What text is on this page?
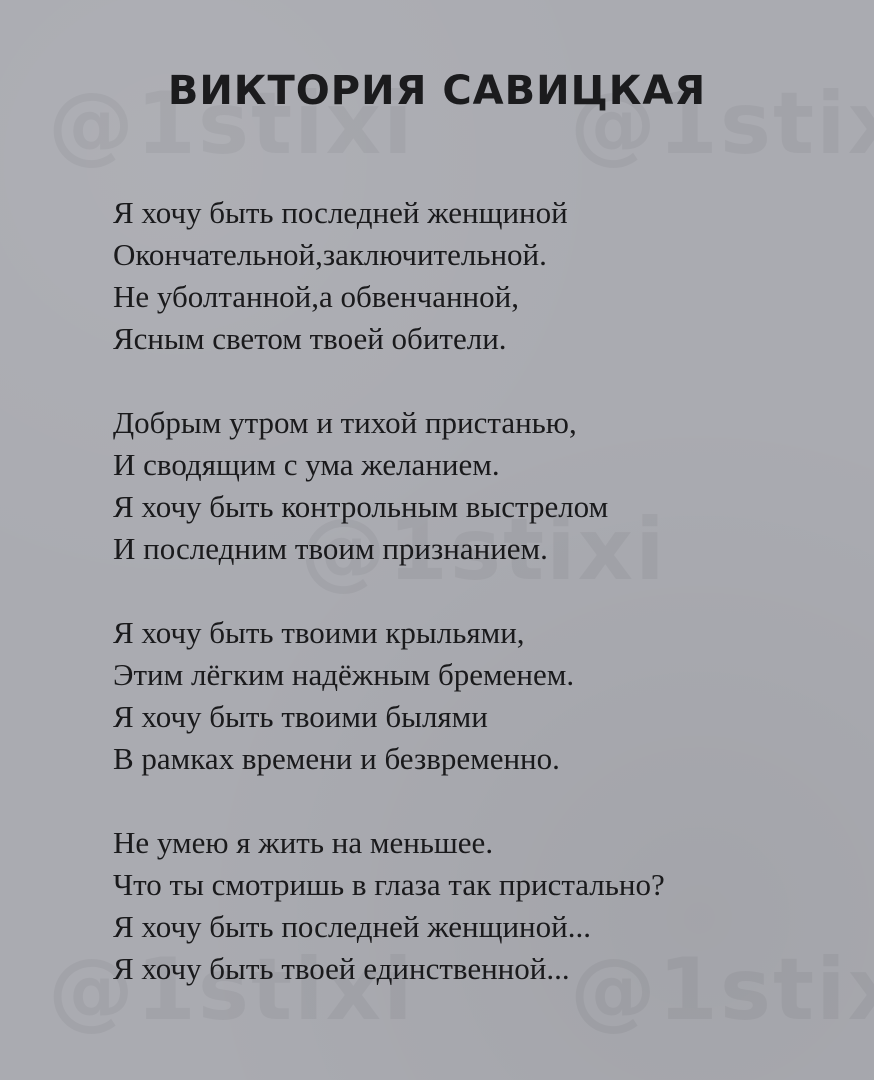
ВИКТОРИЯ САВИЦКАЯ
Я хочу быть последней женщиной
Окончательной,заключительной.
Не уболтанной,а обвенчанной,
Ясным светом твоей обители.
Добрым утром и тихой пристанью,
И сводящим с ума желанием.
Я хочу быть контрольным выстрелом
И последним твоим признанием.
Я хочу быть твоими крыльями,
Этим лёгким надёжным бременем.
Я хочу быть твоими былями
В рамках времени и безвременно.
Не умею я жить на меньшее.
Что ты смотришь в глаза так пристально?
Я хочу быть последней женщиной...
Я хочу быть твоей единственной...
